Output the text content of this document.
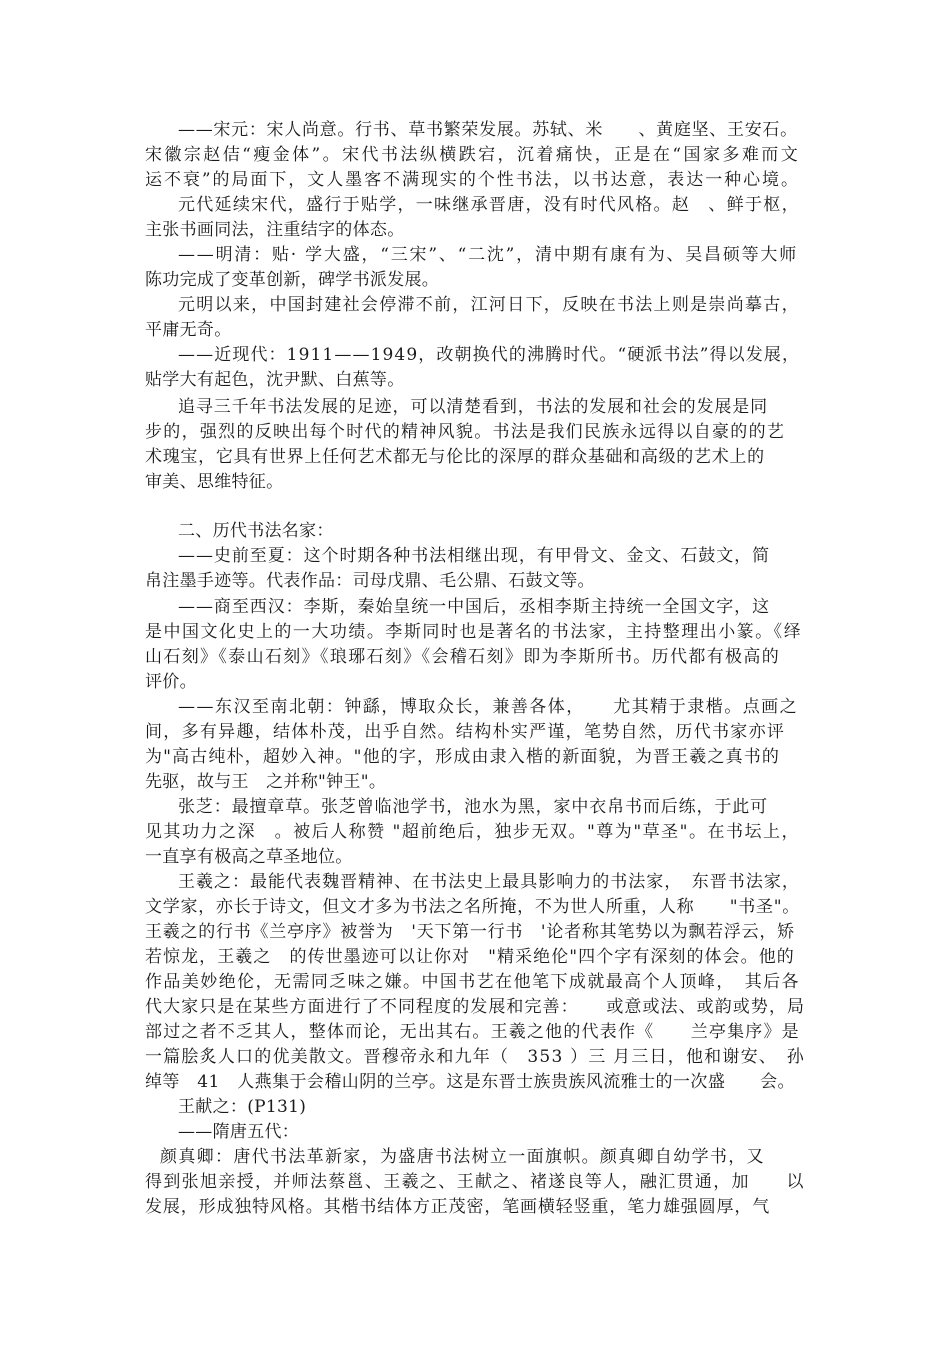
——宋元：宋人尚意。行书、草书繁荣发展。苏轼、米　　、黄庭坚、王安石。
宋徽宗赵佶“瘦金体”。宋代书法纵横跌宕，沉着痛快，正是在“国家多难而文
运不衰”的局面下，文人墨客不满现实的个性书法，以书达意，表达一种心境。
元代延续宋代，盛行于贴学，一味继承晋唐，没有时代风格。赵　、鲜于枢，
主张书画同法，注重结字的体态。
——明清：贴· 学大盛，“三宋”、“二沈”，清中期有康有为、吴昌硕等大师
陈功完成了变革创新，碑学书派发展。
元明以来，中国封建社会停滞不前，江河日下，反映在书法上则是崇尚摹古，
平庸无奇。
——近现代：1911——1949，改朝换代的沸腾时代。“硬派书法”得以发展，
贴学大有起色，沈尹默、白蕉等。
追寻三千年书法发展的足迹，可以清楚看到，书法的发展和社会的发展是同
步的，强烈的反映出每个时代的精神风貌。书法是我们民族永远得以自豪的的艺
术瑰宝，它具有世界上任何艺术都无与伦比的深厚的群众基础和高级的艺术上的
审美、思维特征。
二、历代书法名家：
——史前至夏：这个时期各种书法相继出现，有甲骨文、金文、石鼓文，简
帛注墨手迹等。代表作品：司母戊鼎、毛公鼎、石鼓文等。
——商至西汉：李斯，秦始皇统一中国后，丞相李斯主持统一全国文字，这
是中国文化史上的一大功绩。李斯同时也是著名的书法家，主持整理出小篆。《绎
山石刻》《泰山石刻》《琅琊石刻》《会稽石刻》即为李斯所书。历代都有极高的
评价。
——东汉至南北朝：钟繇，博取众长，兼善各体，　　尤其精于隶楷。点画之
间，多有异趣，结体朴茂，出乎自然。结构朴实严谨，笔势自然，历代书家亦评
为"高古纯朴，超妙入神。"他的字，形成由隶入楷的新面貌，为晋王羲之真书的
先驱，故与王　之并称"钟王"。
张芝：最擅章草。张芝曾临池学书，池水为黑，家中衣帛书而后练，于此可
见其功力之深　。被后人称赞 "超前绝后，独步无双。"尊为"草圣"。在书坛上，
一直享有极高之草圣地位。
王羲之：最能代表魏晋精神、在书法史上最具影响力的书法家，　东晋书法家，
文学家，亦长于诗文，但文才多为书法之名所掩，不为世人所重，人称　　"书圣"。
王羲之的行书《兰亭序》被誉为　'天下第一行书　'论者称其笔势以为飘若浮云，矫
若惊龙，王羲之　的传世墨迹可以让你对　"精采绝伦"四个字有深刻的体会。他的
作品美妙绝伦，无需同乏味之嫌。中国书艺在他笔下成就最高个人顶峰，　其后各
代大家只是在某些方面进行了不同程度的发展和完善：　　或意或法、或韵或势，局
部过之者不乏其人，整体而论，无出其右。王羲之他的代表作《　　兰亭集序》是
一篇脍炙人口的优美散文。晋穆帝永和九年（　353 ）三 月三日，他和谢安、　孙
绰等　41　人燕集于会稽山阴的兰亭。这是东晋士族贵族风流雅士的一次盛　　会。
王献之：(P131)
——隋唐五代：
颜真卿：唐代书法革新家，为盛唐书法树立一面旗帜。颜真卿自幼学书，又
得到张旭亲授，并师法蔡邕、王羲之、王献之、褚遂良等人，融汇贯通，加　　以
发展，形成独特风格。其楷书结体方正茂密，笔画横轻竖重，笔力雄强圆厚，气
